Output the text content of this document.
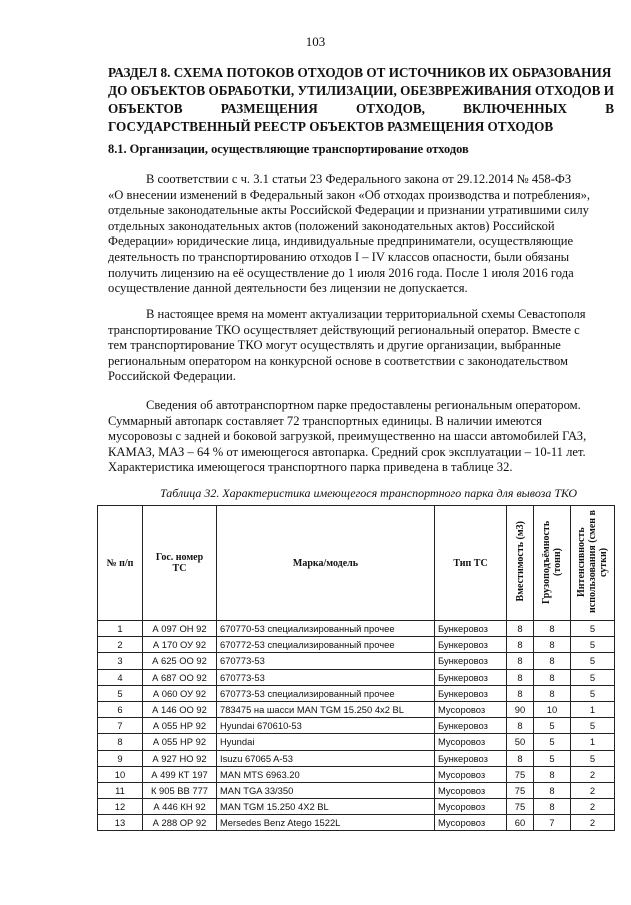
103
РАЗДЕЛ 8. СХЕМА ПОТОКОВ ОТХОДОВ ОТ ИСТОЧНИКОВ ИХ ОБРАЗОВАНИЯ
ДО ОБЪЕКТОВ ОБРАБОТКИ, УТИЛИЗАЦИИ, ОБЕЗВРЕЖИВАНИЯ ОТХОДОВ И
ОБЪЕКТОВ	РАЗМЕЩЕНИЯ	ОТХОДОВ,	ВКЛЮЧЕННЫХ	В
ГОСУДАРСТВЕННЫЙ РЕЕСТР ОБЪЕКТОВ РАЗМЕЩЕНИЯ ОТХОДОВ
8.1. Организации, осуществляющие транспортирование отходов
В соответствии с ч. 3.1 статьи 23 Федерального закона от 29.12.2014 № 458-ФЗ
«О внесении изменений в Федеральный закон «Об отходах производства и потребления»,
отдельные законодательные акты Российской Федерации и признании утратившими силу
отдельных законодательных актов (положений законодательных актов) Российской
Федерации» юридические лица, индивидуальные предприниматели, осуществляющие
деятельность по транспортированию отходов I – IV классов опасности, были обязаны
получить лицензию на её осуществление до 1 июля 2016 года. После 1 июля 2016 года
осуществление данной деятельности без лицензии не допускается.
В настоящее время на момент актуализации территориальной схемы Севастополя
транспортирование ТКО осуществляет действующий региональный оператор. Вместе с
тем транспортирование ТКО могут осуществлять и другие организации, выбранные
региональным оператором на конкурсной основе в соответствии с законодательством
Российской Федерации.
Сведения об автотранспортном парке предоставлены региональным оператором.
Суммарный автопарк составляет 72 транспортных единицы. В наличии имеются
мусоровозы с задней и боковой загрузкой, преимущественно на шасси автомобилей ГАЗ,
КАМАЗ, МАЗ – 64 % от имеющегося автопарка. Средний срок эксплуатации – 10-11 лет.
Характеристика имеющегося транспортного парка приведена в таблице 32.
Таблица 32. Характеристика имеющегося транспортного парка для вывоза ТКО
№ п/п	Гос. номер ТС	Марка/модель	Тип ТС	Вместимость (м3)	Грузоподъёмность (тонн)	Интенсивность использования (смен в сутки)
1	А 097 ОН 92	670770-53 специализированный прочее	Бункеровоз	8	8	5
2	А 170 ОУ 92	670772-53 специализированный прочее	Бункеровоз	8	8	5
3	А 625 ОО 92	670773-53	Бункеровоз	8	8	5
4	А 687 ОО 92	670773-53	Бункеровоз	8	8	5
5	А 060 ОУ 92	670773-53 специализированный прочее	Бункеровоз	8	8	5
6	А 146 ОО 92	783475 на шасси MAN TGM 15.250 4x2 BL	Мусоровоз	90	10	1
7	А 055 НР 92	Hyundai 670610-53	Бункеровоз	8	5	5
8	А 055 НР 92	Hyundai	Мусоровоз	50	5	1
9	А 927 НО 92	Isuzu 67065 A-53	Бункеровоз	8	5	5
10	А 499 КТ 197	MAN MTS 6963.20	Мусоровоз	75	8	2
11	К 905 ВВ 777	MAN TGA 33/350	Мусоровоз	75	8	2
12	А 446 КН 92	MAN TGM 15.250 4X2 BL	Мусоровоз	75	8	2
13	А 288 ОР 92	Mersedes Benz Atego 1522L	Мусоровоз	60	7	2
